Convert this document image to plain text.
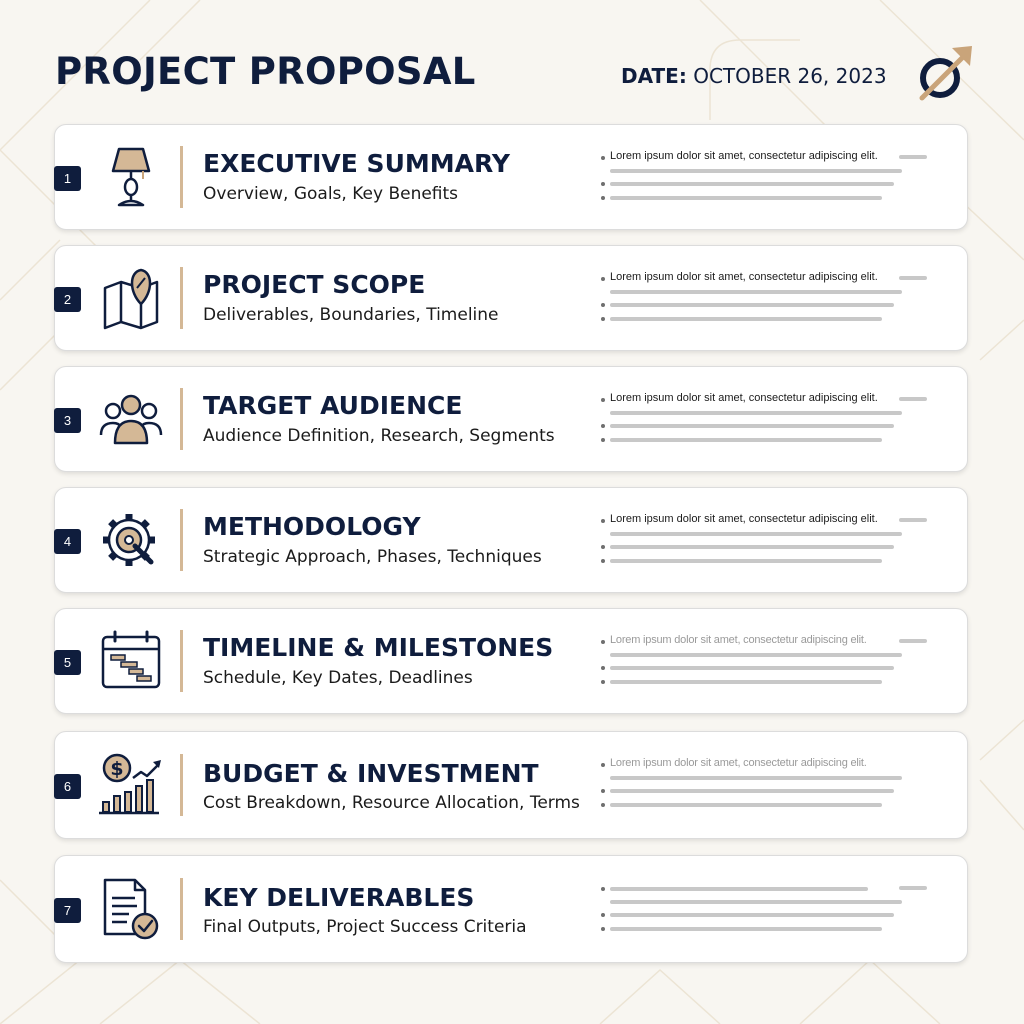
PROJECT PROPOSAL	DATE: OCTOBER 26, 2023
1
EXECUTIVE SUMMARY
Overview, Goals, Key Benefits
Lorem ipsum dolor sit amet, consectetur adipiscing elit.
2
PROJECT SCOPE
Deliverables, Boundaries, Timeline
Lorem ipsum dolor sit amet, consectetur adipiscing elit.
3
TARGET AUDIENCE
Audience Definition, Research, Segments
Lorem ipsum dolor sit amet, consectetur adipiscing elit.
4
METHODOLOGY
Strategic Approach, Phases, Techniques
Lorem ipsum dolor sit amet, consectetur adipiscing elit.
5
TIMELINE & MILESTONES
Schedule, Key Dates, Deadlines
Lorem ipsum dolor sit amet, consectetur adipiscing elit.
6
$	BUDGET & INVESTMENT
Cost Breakdown, Resource Allocation, Terms
Lorem ipsum dolor sit amet, consectetur adipiscing elit.
7	KEY DELIVERABLES
Final Outputs, Project Success Criteria
